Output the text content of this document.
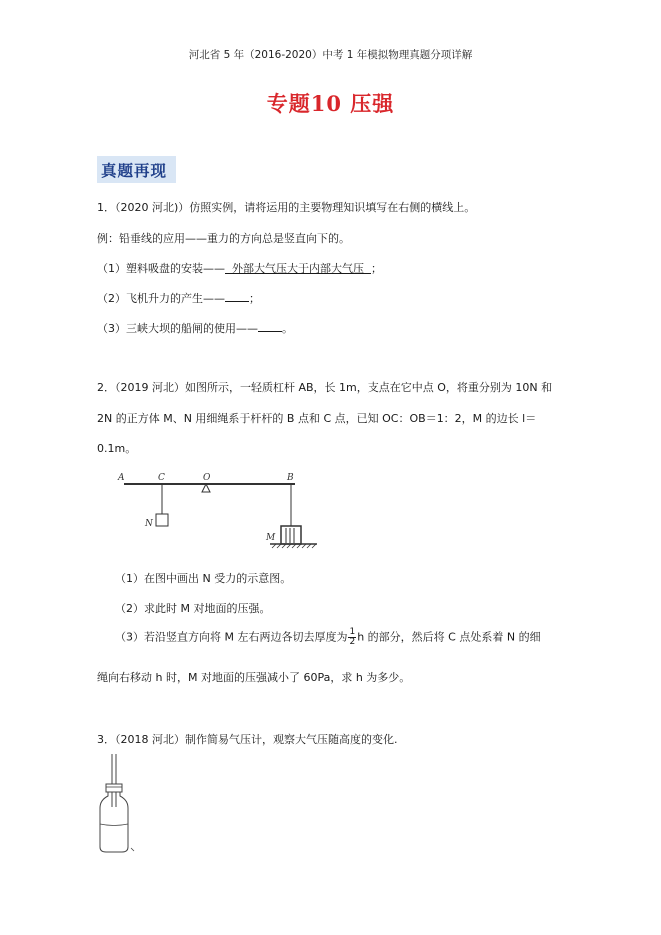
河北省 5 年（2016-2020）中考 1 年模拟物理真题分项详解
专题10 压强
真题再现
1．（2020 河北)）仿照实例，请将运用的主要物理知识填写在右侧的横线上。
例：铅垂线的应用——重力的方向总是竖直向下的。
（1）塑料吸盘的安装——  外部大气压大于内部大气压  ；
（2）飞机升力的产生—— ；
（3）三峡大坝的船闸的使用—— 。
2．（2019 河北）如图所示，一轻质杠杆 AB，长 1m，支点在它中点 O，将重分别为 10N 和
2N 的正方体 M、N 用细绳系于杆杆的 B 点和 C 点，已知 OC：OB＝1：2，M 的边长 l＝
0.1m。
A	C	O	B
N
M
（1）在图中画出 N 受力的示意图。
（2）求此时 M 对地面的压强。
（3）若沿竖直方向将 M 左右两边各切去厚度为 $\frac{1}{2}$ h 的部分，然后将 C 点处系着 N 的细
绳向右移动 h 时，M 对地面的压强减小了 60Pa，求 h 为多少。
3．（2018 河北）制作简易气压计，观察大气压随高度的变化.
